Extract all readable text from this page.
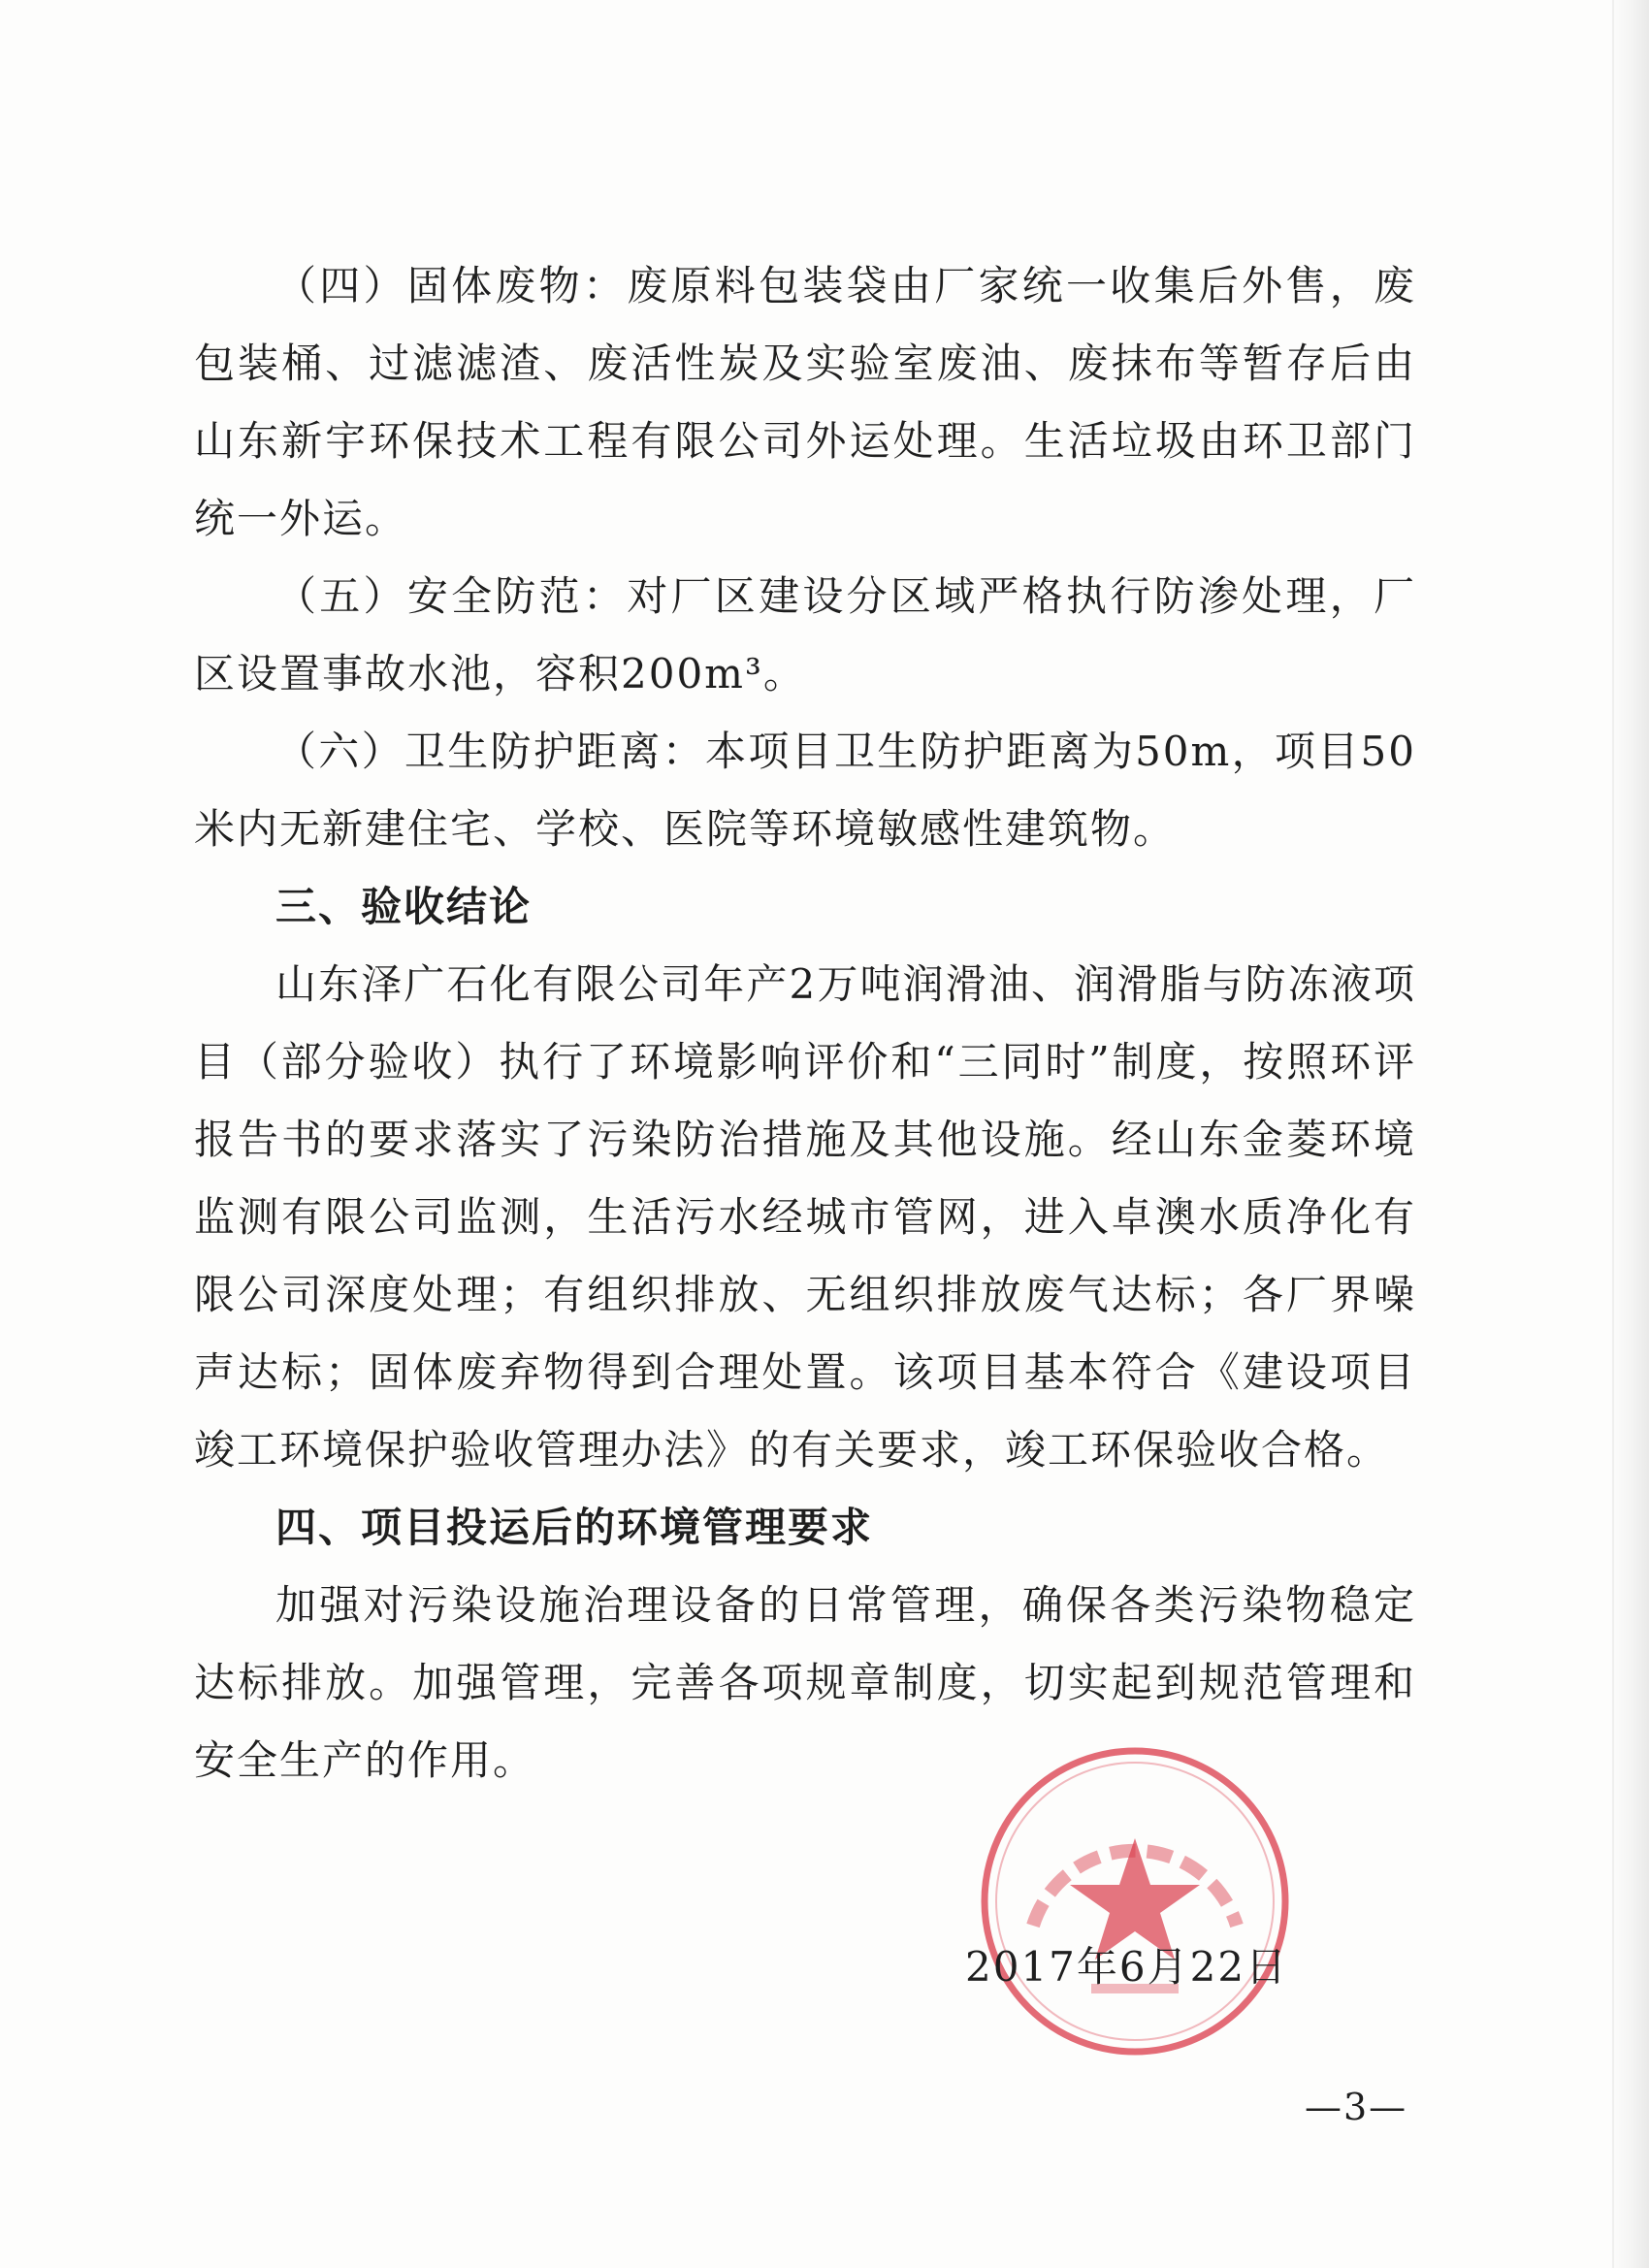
（四）固体废物：废原料包装袋由厂家统一收集后外售，废包装桶、过滤滤渣、废活性炭及实验室废油、废抹布等暂存后由山东新宇环保技术工程有限公司外运处理。生活垃圾由环卫部门统一外运。

（五）安全防范：对厂区建设分区域严格执行防渗处理，厂区设置事故水池，容积200m³。

（六）卫生防护距离：本项目卫生防护距离为50m，项目50米内无新建住宅、学校、医院等环境敏感性建筑物。

三、验收结论

山东泽广石化有限公司年产2万吨润滑油、润滑脂与防冻液项目（部分验收）执行了环境影响评价和“三同时”制度，按照环评报告书的要求落实了污染防治措施及其他设施。经山东金菱环境监测有限公司监测，生活污水经城市管网，进入卓澳水质净化有限公司深度处理；有组织排放、无组织排放废气达标；各厂界噪声达标；固体废弃物得到合理处置。该项目基本符合《建设项目竣工环境保护验收管理办法》的有关要求，竣工环保验收合格。

四、项目投运后的环境管理要求

加强对污染设施治理设备的日常管理，确保各类污染物稳定达标排放。加强管理，完善各项规章制度，切实起到规范管理和安全生产的作用。

2017年6月22日
—3—
